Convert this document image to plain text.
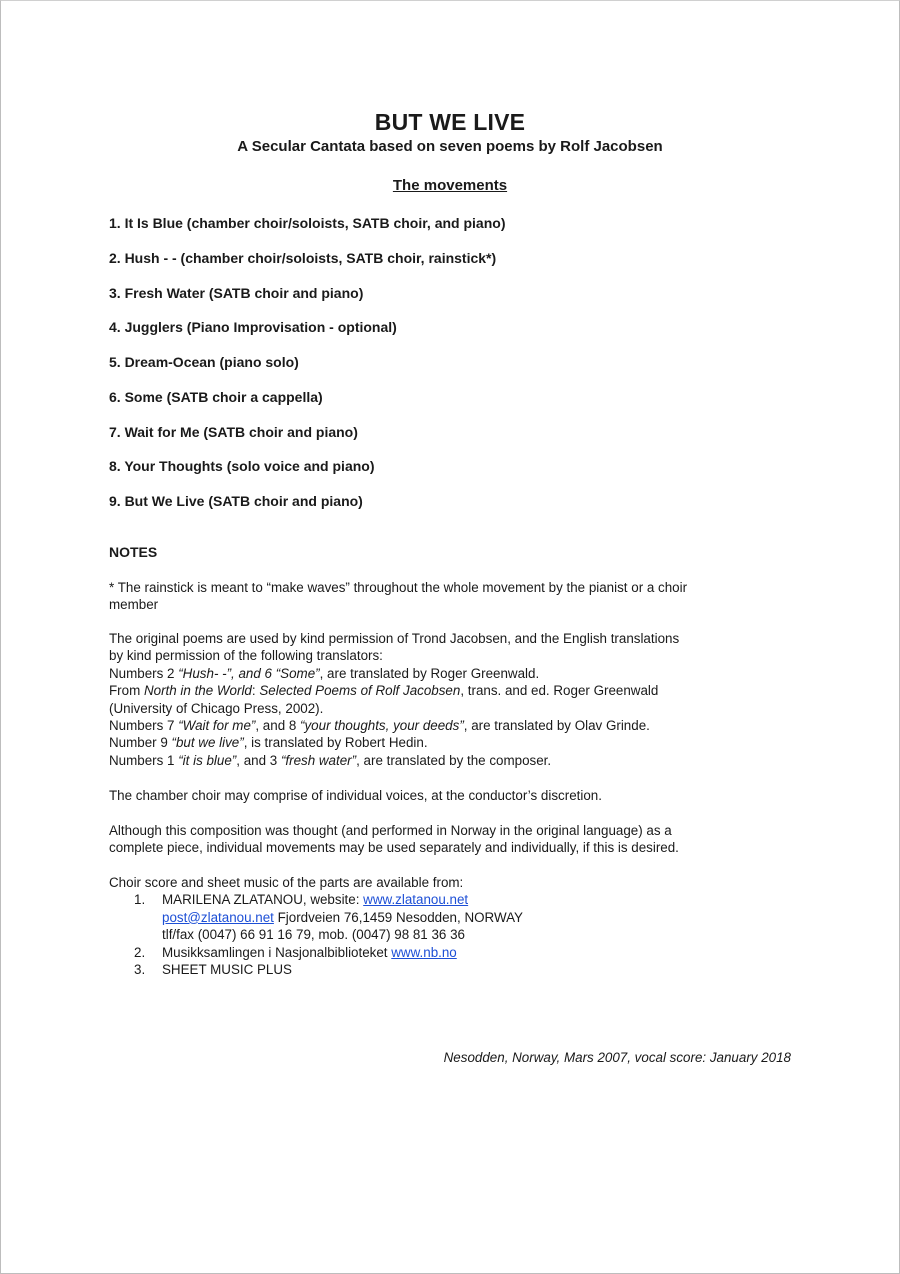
BUT WE LIVE
A Secular Cantata based on seven poems by Rolf Jacobsen
The movements
1. It Is Blue (chamber choir/soloists, SATB choir, and piano)
2. Hush - - (chamber choir/soloists, SATB choir, rainstick*)
3. Fresh Water (SATB choir and piano)
4. Jugglers (Piano Improvisation - optional)
5. Dream-Ocean (piano solo)
6. Some (SATB choir a cappella)
7. Wait for Me (SATB choir and piano)
8. Your Thoughts (solo voice and piano)
9. But We Live (SATB choir and piano)
NOTES
* The rainstick is meant to “make waves” throughout the whole movement by the pianist or a choir
member
The original poems are used by kind permission of Trond Jacobsen, and the English translations
by kind permission of the following translators:
Numbers 2 “Hush- -”, and 6 “Some”, are translated by Roger Greenwald.
From North in the World: Selected Poems of Rolf Jacobsen, trans. and ed. Roger Greenwald
(University of Chicago Press, 2002).
Numbers 7 “Wait for me”, and 8 “your thoughts, your deeds”, are translated by Olav Grinde.
Number 9 “but we live”, is translated by Robert Hedin.
Numbers 1 “it is blue”, and 3 “fresh water”, are translated by the composer.
The chamber choir may comprise of individual voices, at the conductor’s discretion.
Although this composition was thought (and performed in Norway in the original language) as a
complete piece, individual movements may be used separately and individually, if this is desired.
Choir score and sheet music of the parts are available from:
1. MARILENA ZLATANOU, website: www.zlatanou.net
post@zlatanou.net Fjordveien 76,1459 Nesodden, NORWAY
tlf/fax (0047) 66 91 16 79, mob. (0047) 98 81 36 36
2. Musikksamlingen i Nasjonalbiblioteket www.nb.no
3. SHEET MUSIC PLUS
Nesodden, Norway, Mars 2007, vocal score: January 2018
